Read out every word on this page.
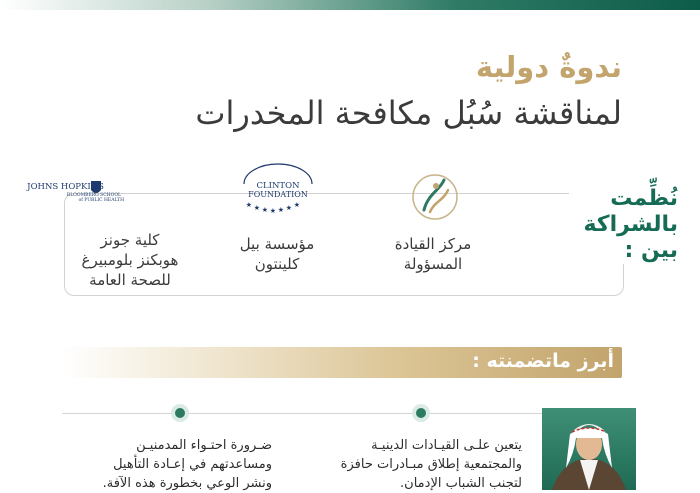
ندوةٌ دولية
لمناقشة سُبُل مكافحة المخدرات
نُظِّمت
بالشراكة
بين :
مركز القيادة
المسؤولة
CLINTON
FOUNDATION
★ ★ ★ ★ ★ ★ ★
مؤسسة بيل
كلينتون
JOHNS HOPKINS
BLOOMBERG SCHOOL
of PUBLIC HEALTH
كلية جونز
هوبكنز بلومبيرغ
للصحة العامة
أبرز ماتضمنته :
يتعين علـى القيـادات الدينيـة
والمجتمعية إطلاق مبـادرات حافزة
لتجنب الشباب الإدمان.
ضـرورة احتـواء المدمنيـن
ومساعدتهم في إعـادة التأهيل
ونشر الوعي بخطورة هذه الآفة.
